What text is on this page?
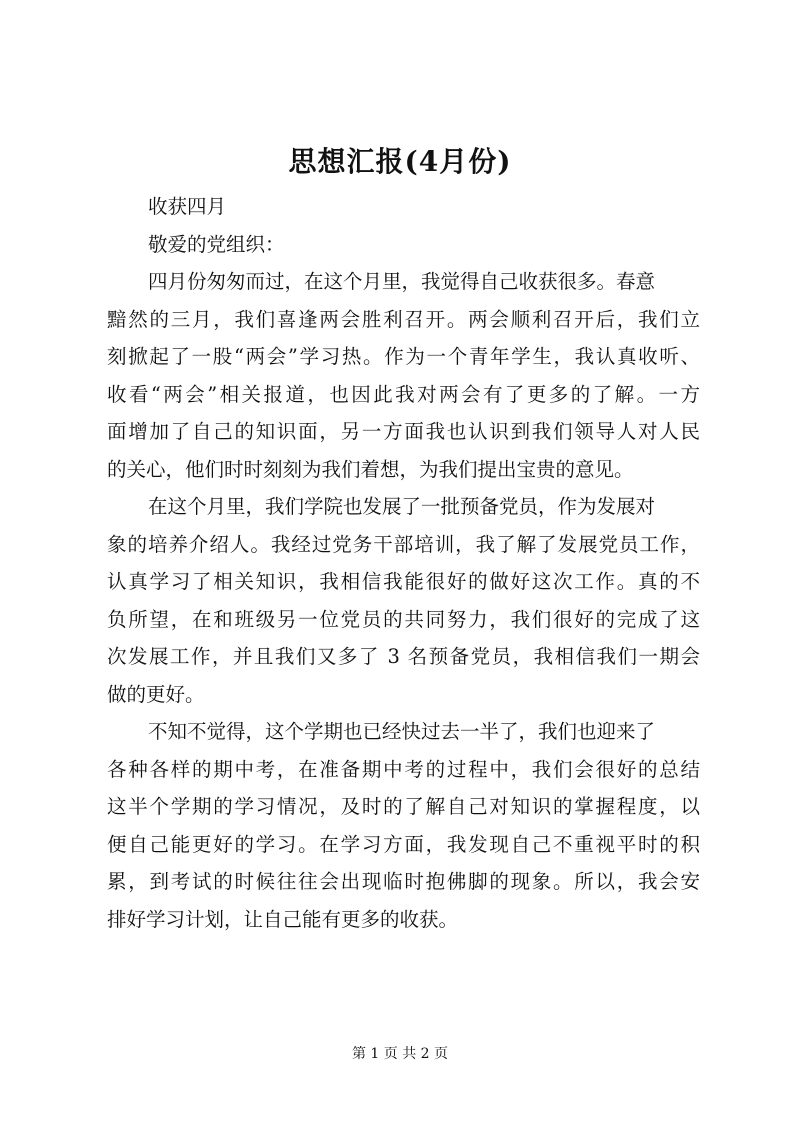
思想汇报(4月份)
收获四月
敬爱的党组织：
四月份匆匆而过，在这个月里，我觉得自己收获很多。春意
黯然的三月，我们喜逢两会胜利召开。两会顺利召开后，我们立
刻掀起了一股“两会”学习热。作为一个青年学生，我认真收听、
收看“两会”相关报道，也因此我对两会有了更多的了解。一方
面增加了自己的知识面，另一方面我也认识到我们领导人对人民
的关心，他们时时刻刻为我们着想，为我们提出宝贵的意见。
在这个月里，我们学院也发展了一批预备党员，作为发展对
象的培养介绍人。我经过党务干部培训，我了解了发展党员工作，
认真学习了相关知识，我相信我能很好的做好这次工作。真的不
负所望，在和班级另一位党员的共同努力，我们很好的完成了这
次发展工作，并且我们又多了 3 名预备党员，我相信我们一期会
做的更好。
不知不觉得，这个学期也已经快过去一半了，我们也迎来了
各种各样的期中考，在准备期中考的过程中，我们会很好的总结
这半个学期的学习情况，及时的了解自己对知识的掌握程度，以
便自己能更好的学习。在学习方面，我发现自己不重视平时的积
累，到考试的时候往往会出现临时抱佛脚的现象。所以，我会安
排好学习计划，让自己能有更多的收获。
第 1 页 共 2 页
